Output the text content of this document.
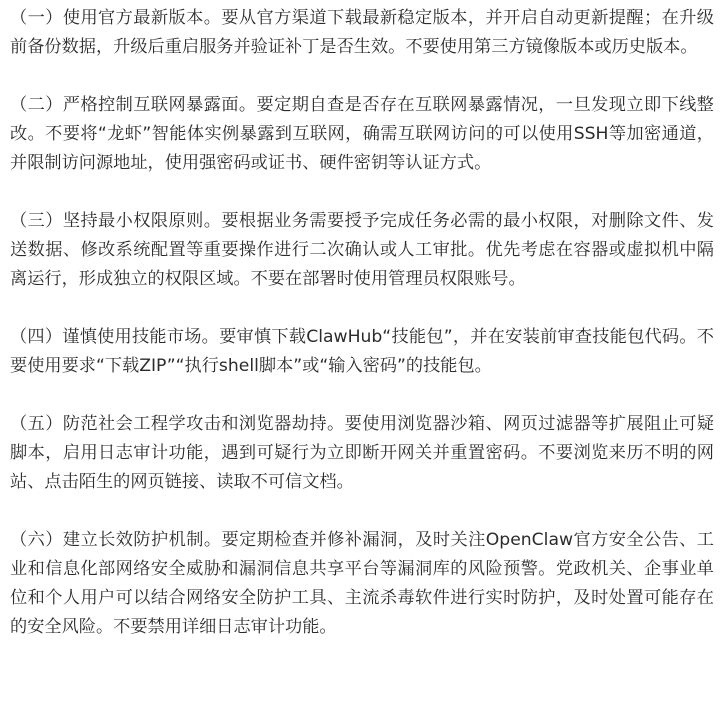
（一）使用官方最新版本。要从官方渠道下载最新稳定版本，并开启自动更新提醒；在升级前备份数据，升级后重启服务并验证补丁是否生效。不要使用第三方镜像版本或历史版本。

（二）严格控制互联网暴露面。要定期自查是否存在互联网暴露情况，一旦发现立即下线整改。不要将“龙虾”智能体实例暴露到互联网，确需互联网访问的可以使用SSH等加密通道，并限制访问源地址，使用强密码或证书、硬件密钥等认证方式。

（三）坚持最小权限原则。要根据业务需要授予完成任务必需的最小权限，对删除文件、发送数据、修改系统配置等重要操作进行二次确认或人工审批。优先考虑在容器或虚拟机中隔离运行，形成独立的权限区域。不要在部署时使用管理员权限账号。

（四）谨慎使用技能市场。要审慎下载ClawHub“技能包”，并在安装前审查技能包代码。不要使用要求“下载ZIP”“执行shell脚本”或“输入密码”的技能包。

（五）防范社会工程学攻击和浏览器劫持。要使用浏览器沙箱、网页过滤器等扩展阻止可疑脚本，启用日志审计功能，遇到可疑行为立即断开网关并重置密码。不要浏览来历不明的网站、点击陌生的网页链接、读取不可信文档。

（六）建立长效防护机制。要定期检查并修补漏洞，及时关注OpenClaw官方安全公告、工业和信息化部网络安全威胁和漏洞信息共享平台等漏洞库的风险预警。党政机关、企事业单位和个人用户可以结合网络安全防护工具、主流杀毒软件进行实时防护，及时处置可能存在的安全风险。不要禁用详细日志审计功能。
